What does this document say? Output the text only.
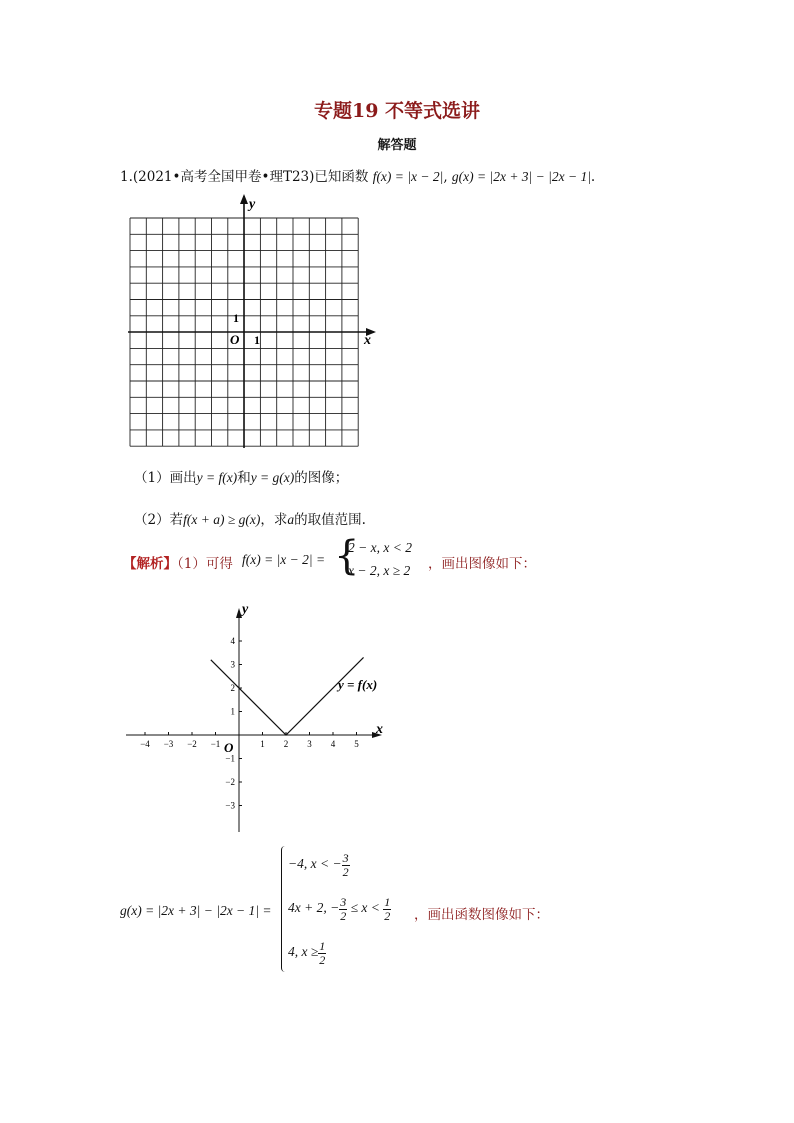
专题19 不等式选讲
解答题
1.(2021•高考全国甲卷•理T23)已知函数 f(x) = |x − 2|, g(x) = |2x + 3| − |2x − 1|.
y
x
O 1
1
（1）画出y = f(x)和y = g(x)的图像；
（2）若f(x + a) ≥ g(x)，求a的取值范围.
【解析】（1）可得 f(x) = |x − 2| = {
2 − x, x < 2
x − 2, x ≥ 2 ，画出图像如下：
x
y
O
−4 −3 −2 −1	1 2 3 4 5
4
3
2
1
−1
−2
−3
y = f(x)
g(x) = |2x + 3| − |2x − 1| =
−4, x < − $\frac{3}{2}$
4x + 2, − $\frac{3}{2} \le x < \frac{1}{2}$
4, $x \ge \frac{1}{2}$
，画出函数图像如下：
